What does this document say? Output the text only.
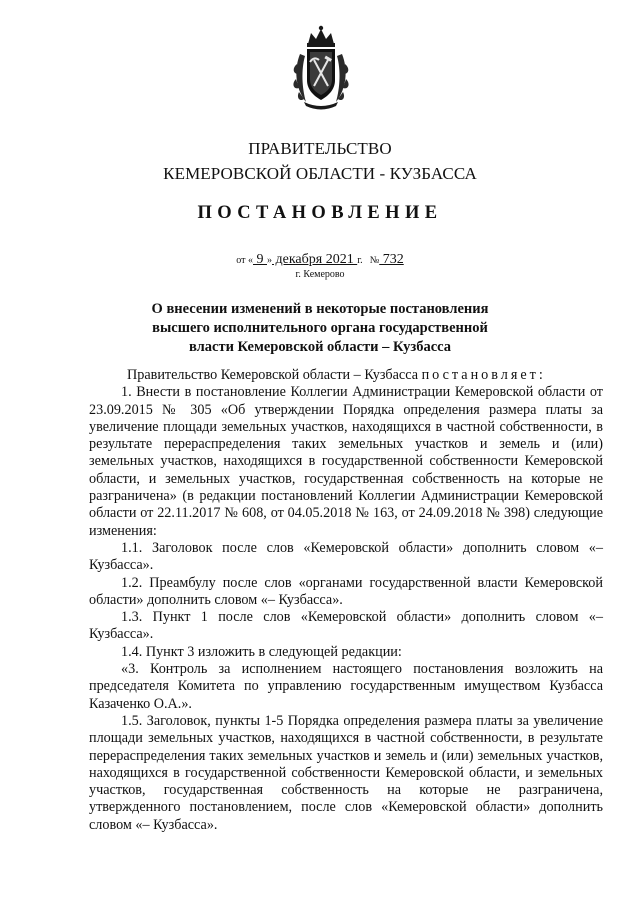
ПРАВИТЕЛЬСТВО
КЕМЕРОВСКОЙ ОБЛАСТИ - КУЗБАССА
ПОСТАНОВЛЕНИЕ
от « 9 » декабря 2021 г. № 732
г. Кемерово
О внесении изменений в некоторые постановления
высшего исполнительного органа государственной
власти Кемеровской области – Кузбасса

Правительство Кемеровской области – Кузбасса постановляет:

1. Внести в постановление Коллегии Администрации Кемеровской области от 23.09.2015 № 305 «Об утверждении Порядка определения размера платы за увеличение площади земельных участков, находящихся в частной собственности, в результате перераспределения таких земельных участков и земель и (или) земельных участков, находящихся в государственной собственности Кемеровской области, и земельных участков, государственная собственность на которые не разграничена» (в редакции постановлений Коллегии Администрации Кемеровской области от 22.11.2017 № 608, от 04.05.2018 № 163, от 24.09.2018 № 398) следующие изменения:

1.1. Заголовок после слов «Кемеровской области» дополнить словом «– Кузбасса».

1.2. Преамбулу после слов «органами государственной власти Кемеровской области» дополнить словом «– Кузбасса».

1.3. Пункт 1 после слов «Кемеровской области» дополнить словом «– Кузбасса».

1.4. Пункт 3 изложить в следующей редакции:

«3. Контроль за исполнением настоящего постановления возложить на председателя Комитета по управлению государственным имуществом Кузбасса Казаченко О.А.».

1.5. Заголовок, пункты 1-5 Порядка определения размера платы за увеличение площади земельных участков, находящихся в частной собственности, в результате перераспределения таких земельных участков и земель и (или) земельных участков, находящихся в государственной собственности Кемеровской области, и земельных участков, государственная собственность на которые не разграничена, утвержденного постановлением, после слов «Кемеровской области» дополнить словом «– Кузбасса».
